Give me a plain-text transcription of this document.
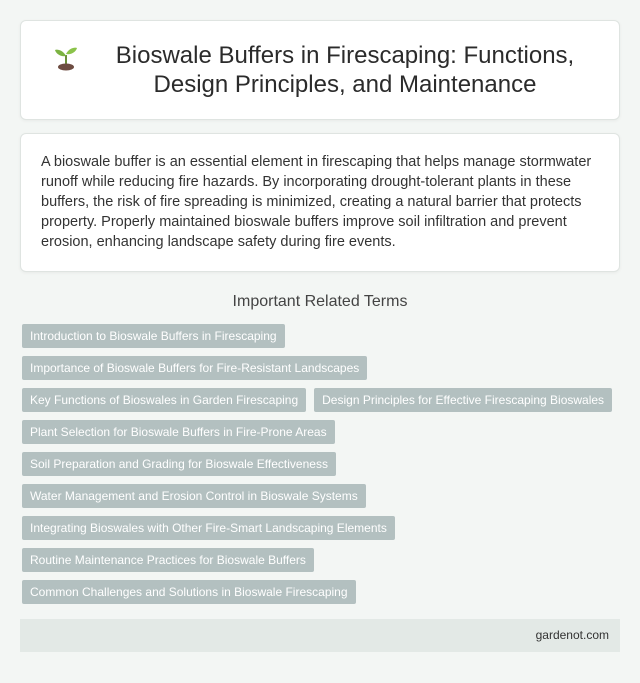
Bioswale Buffers in Firescaping: Functions, Design Principles, and Maintenance

A bioswale buffer is an essential element in firescaping that helps manage stormwater runoff while reducing fire hazards. By incorporating drought-tolerant plants in these buffers, the risk of fire spreading is minimized, creating a natural barrier that protects property. Properly maintained bioswale buffers improve soil infiltration and prevent erosion, enhancing landscape safety during fire events.

Important Related Terms
Introduction to Bioswale Buffers in Firescaping
Importance of Bioswale Buffers for Fire-Resistant Landscapes
Key Functions of Bioswales in Garden Firescaping	Design Principles for Effective Firescaping Bioswales
Plant Selection for Bioswale Buffers in Fire-Prone Areas
Soil Preparation and Grading for Bioswale Effectiveness
Water Management and Erosion Control in Bioswale Systems
Integrating Bioswales with Other Fire-Smart Landscaping Elements
Routine Maintenance Practices for Bioswale Buffers
Common Challenges and Solutions in Bioswale Firescaping
gardenot.com
